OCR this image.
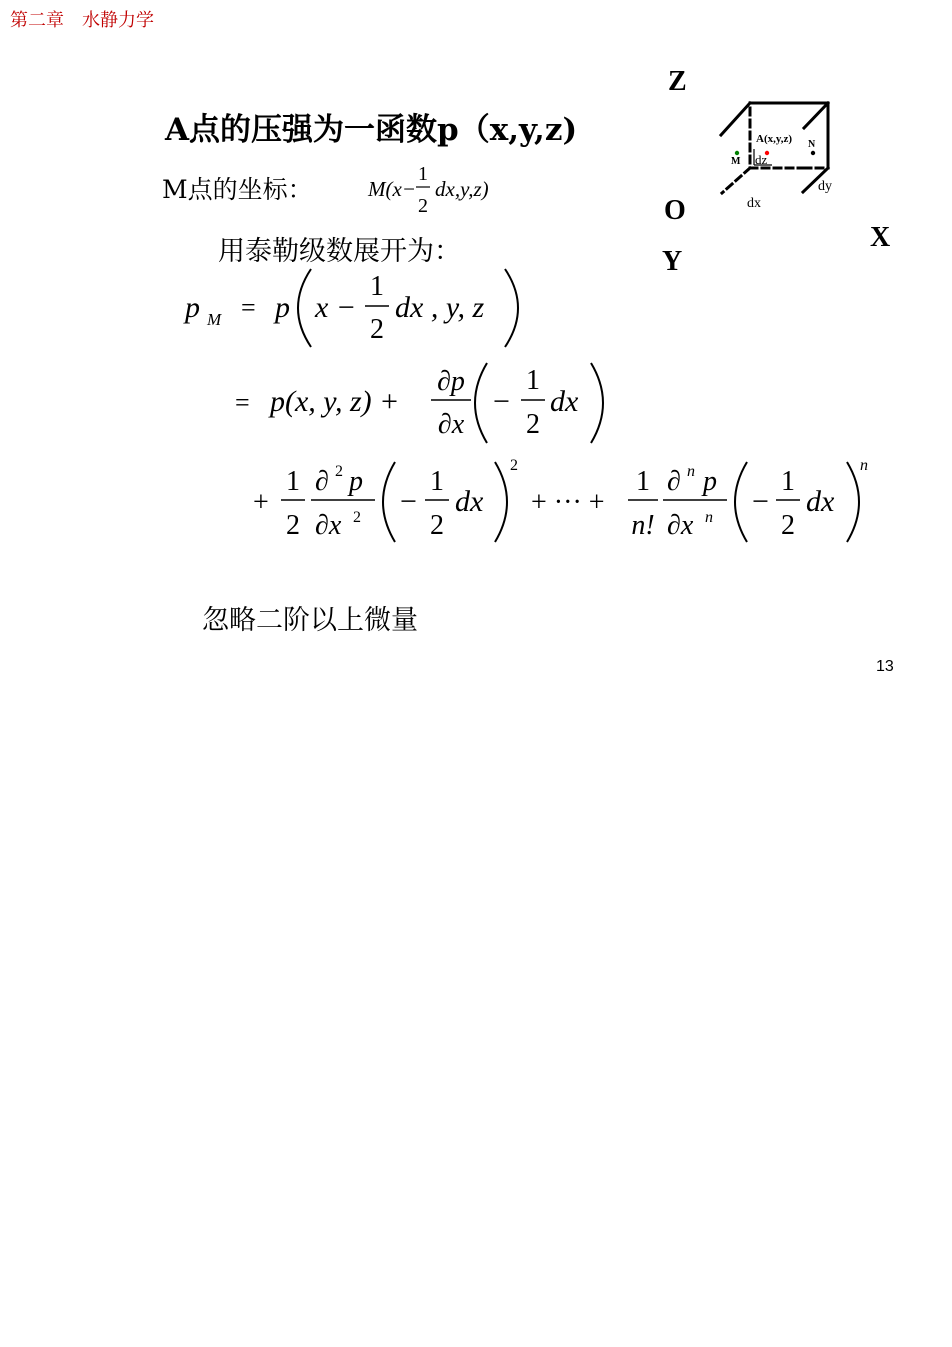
第二章　水静力学
A点的压强为一函数p（x,y,z)
M点的坐标：	M(x−
1
2
dx,y,z)
用泰勒级数展开为：
Z
O
X
Y
A(x,y,z)
M
N
dz
dx
dy
p M = p x −
1
2
dx , y, z
= p(x, y, z) +
∂p
∂x
−
1
2
dx
+
1
2
∂ 2 p
∂x 2 −
1
2
dx
2
+ ··· +
1
n!
∂ n p
∂x n −
1
2
dx
n
忽略二阶以上微量
13
